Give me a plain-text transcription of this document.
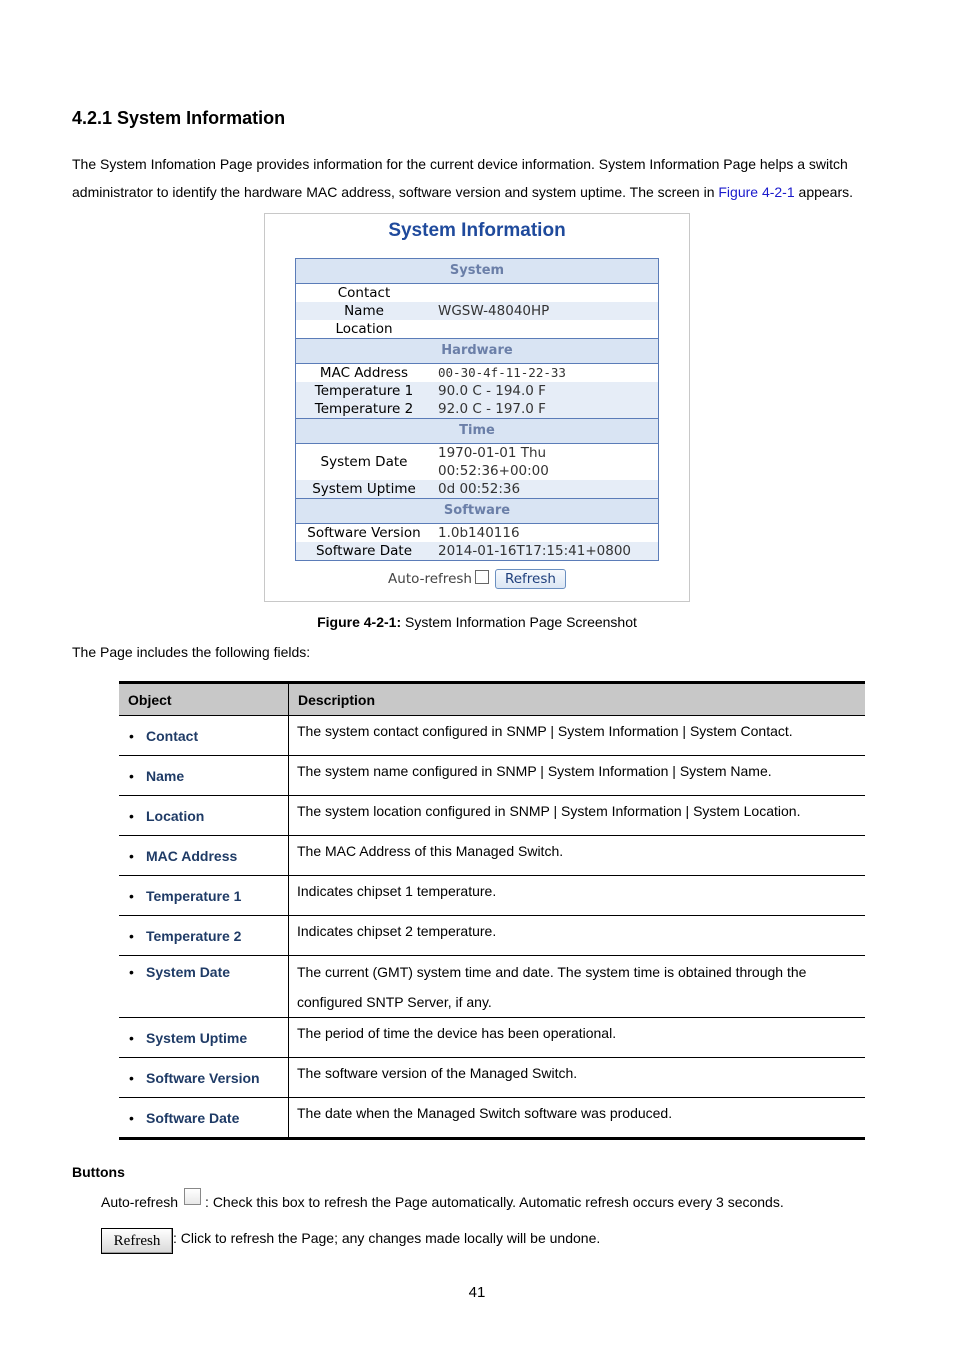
4.2.1 System Information
The System Infomation Page provides information for the current device information. System Information Page helps a switch administrator to identify the hardware MAC address, software version and system uptime. The screen in Figure 4-2-1 appears.
System Information
System	
Contact	
Name	WGSW-48040HP
Location	
Hardware	
MAC Address	00-30-4f-11-22-33
Temperature 1	90.0 C - 194.0 F
Temperature 2	92.0 C - 197.0 F
Time	
System Date	1970-01-01 Thu 00:52:36+00:00
System Uptime	0d 00:52:36
Software	
Software Version	1.0b140116
Software Date	2014-01-16T17:15:41+0800
Auto-refresh Refresh
Figure 4-2-1: System Information Page Screenshot
The Page includes the following fields:
Object	Description
• Contact	The system contact configured in SNMP | System Information | System Contact.
• Name	The system name configured in SNMP | System Information | System Name.
• Location	The system location configured in SNMP | System Information | System Location.
• MAC Address	The MAC Address of this Managed Switch.
• Temperature 1	Indicates chipset 1 temperature.
• Temperature 2	Indicates chipset 2 temperature.
• System Date	The current (GMT) system time and date. The system time is obtained through the configured SNTP Server, if any.
• System Uptime	The period of time the device has been operational.
• Software Version	The software version of the Managed Switch.
• Software Date	The date when the Managed Switch software was produced.
Buttons
Auto-refresh : Check this box to refresh the Page automatically. Automatic refresh occurs every 3 seconds.
Refresh : Click to refresh the Page; any changes made locally will be undone.
41
